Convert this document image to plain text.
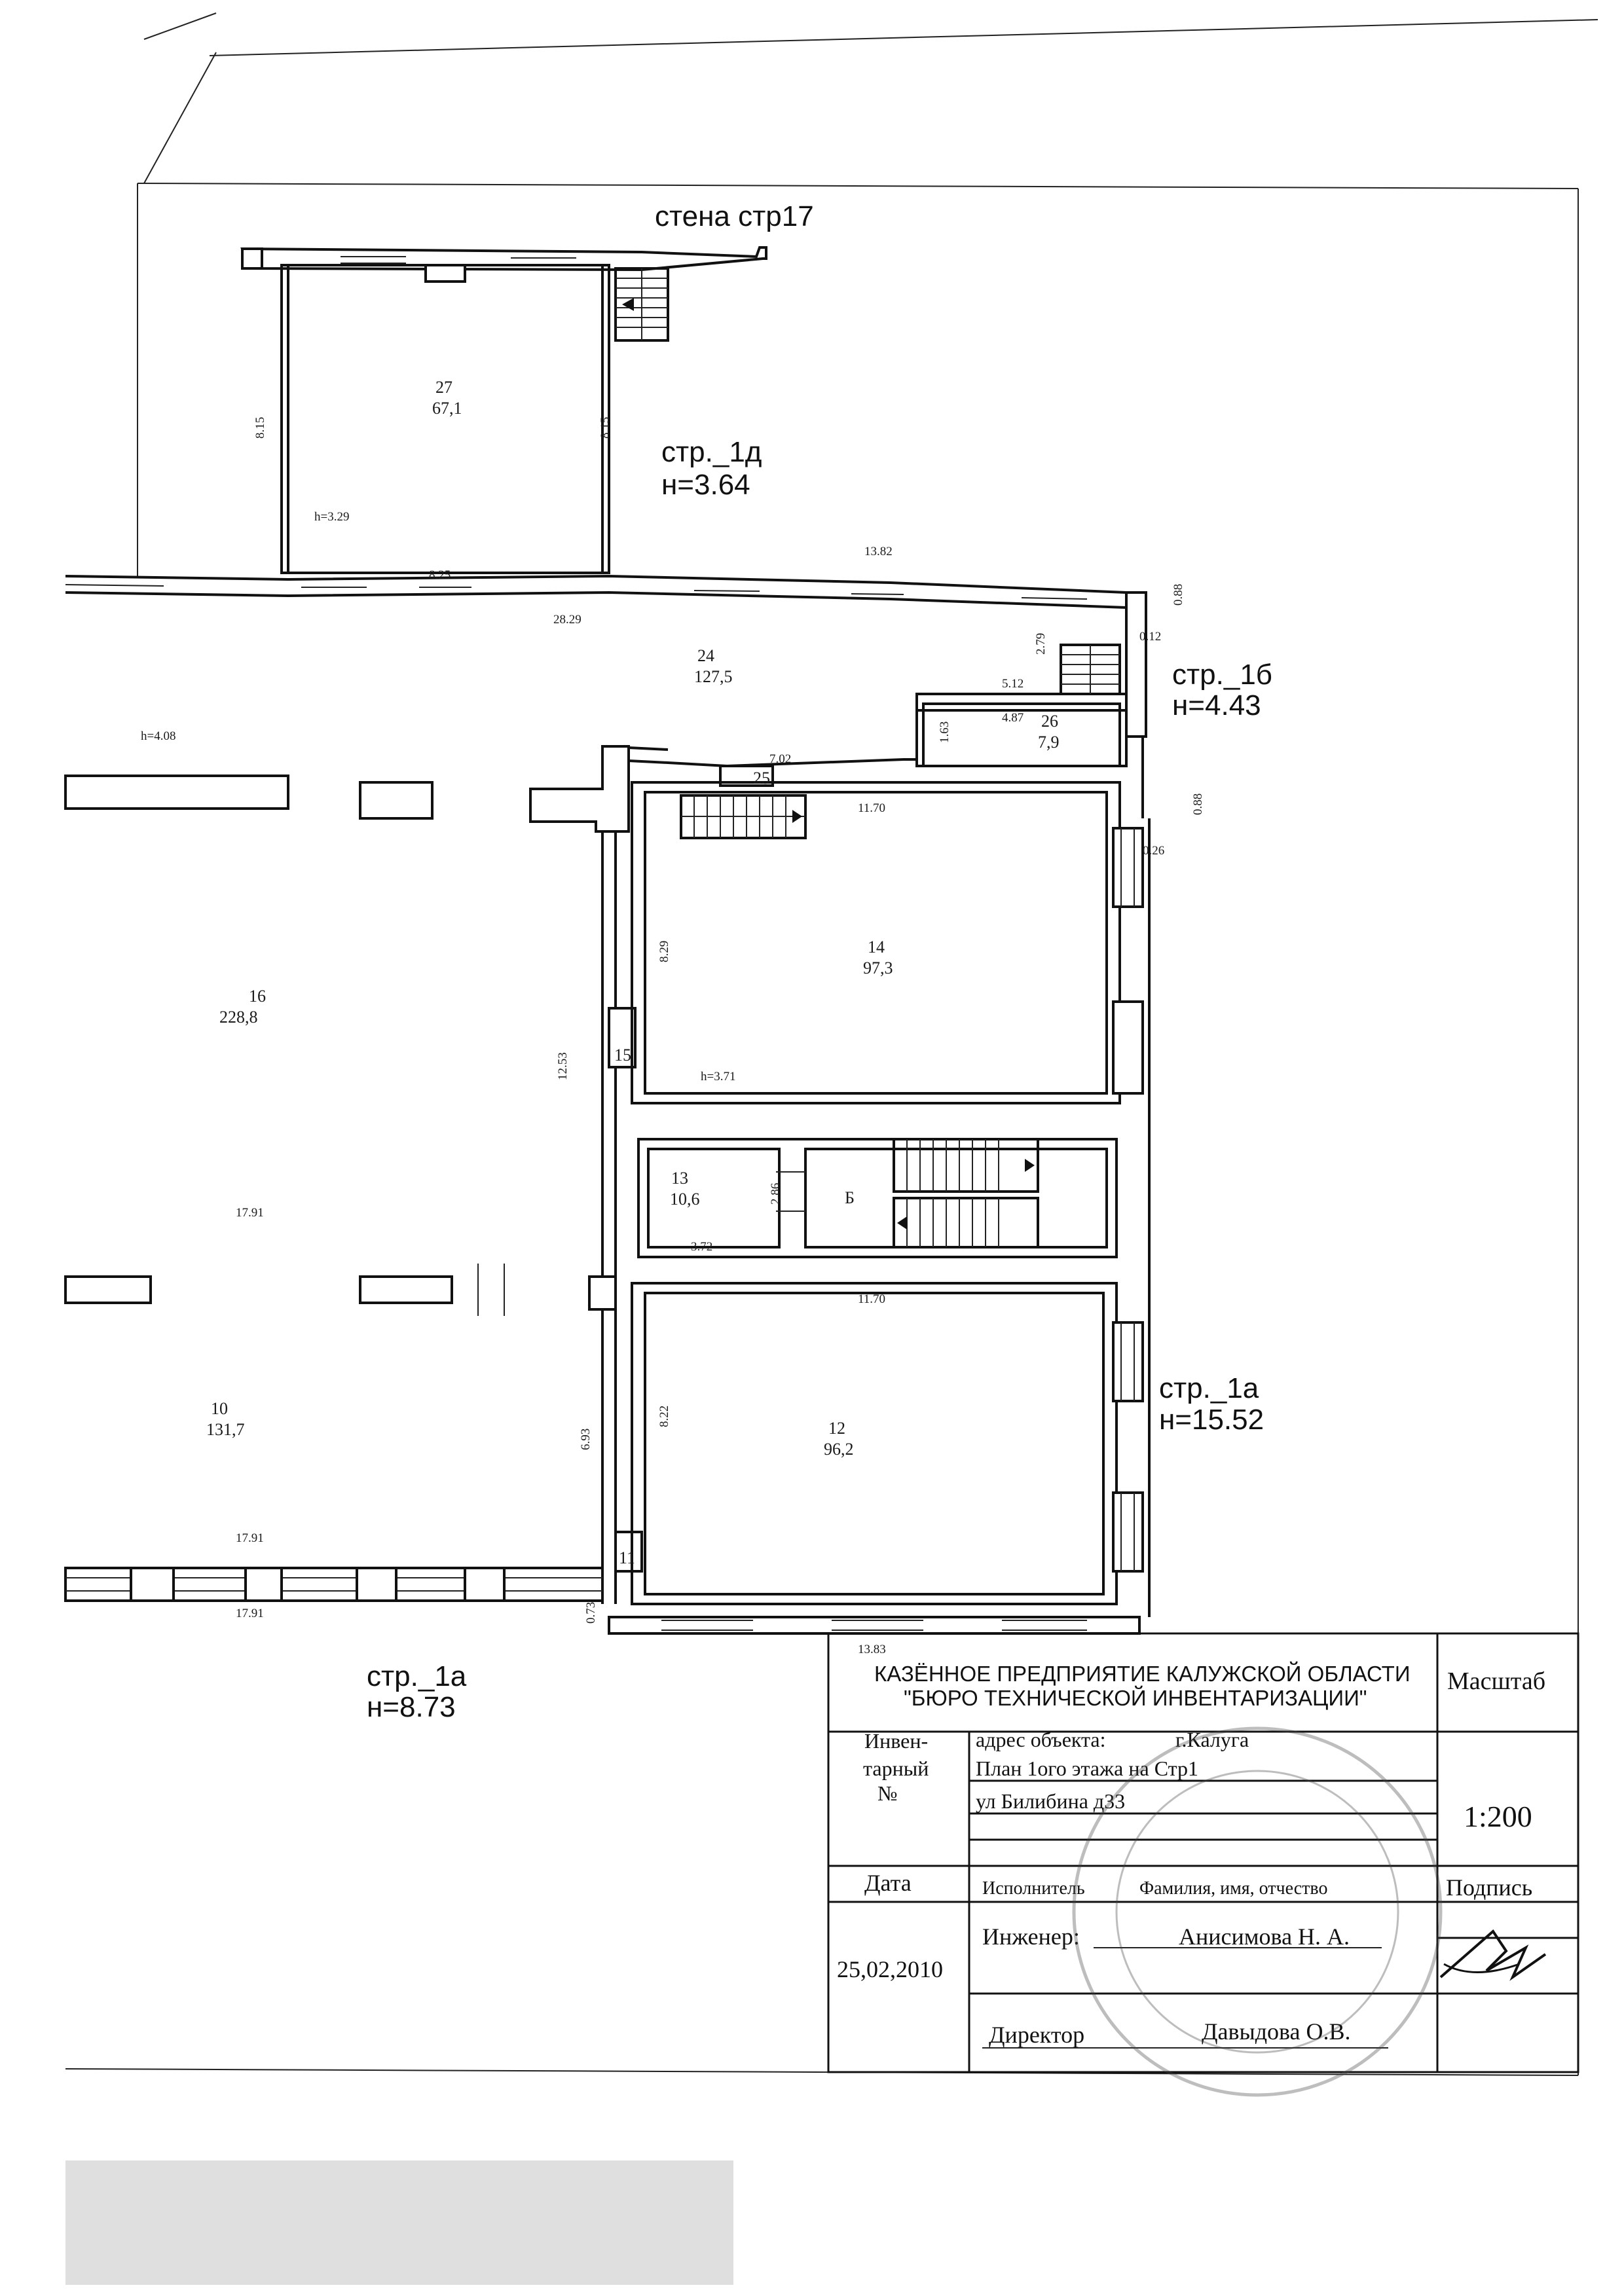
27
67,1
24
127,5
26
7,9
25
14
97,3
16
228,8
15
13
10,6	Б
10
131,7	12
96,2
11
h=3.29
h=4.08
h=3.71
8.15	8.15
8.25
13.82
28.29
0.88
0.12
2.79
5.12
4.87
1.63
7.02
11.70	0.88
0.26
8.29
12.53
17.91
2.86
3.72
11.70
8.22
6.93
17.91
17.91	0.73
13.83
стена стр17
стр._1д
н=3.64
стр._1б
н=4.43
стр._1а
н=15.52
стр._1а
н=8.73
КАЗЁННОЕ ПРЕДПРИЯТИЕ КАЛУЖСКОЙ ОБЛАСТИ
"БЮРО ТЕХНИЧЕСКОЙ ИНВЕНТАРИЗАЦИИ"
Масштаб
Инвен-
тарный
№
адрес объекта:	г.Калуга
План 1ого этажа на Стр1
ул Билибина д33	1:200
Дата	Исполнитель	Фамилия, имя, отчество	Подпись
Инженер:	Анисимова Н. А.
25,02,2010
Директор	Давыдова О.В.
